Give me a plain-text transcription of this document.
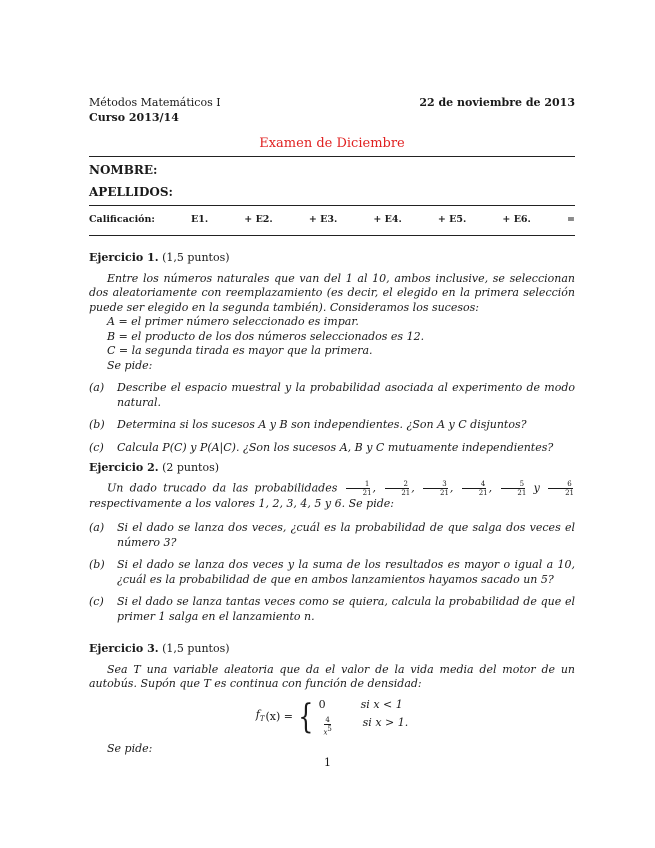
Métodos Matemáticos I	22 de noviembre de 2013
Curso 2013/14
Examen de Diciembre
NOMBRE:
APELLIDOS:
Calificación:	E1.	+ E2.	+ E3.	+ E4.	+ E5.	+ E6.	=
Ejercicio 1. (1,5 puntos)
Entre los números naturales que van del 1 al 10, ambos inclusive, se seleccionan dos aleatoriamente con reemplazamiento (es decir, el elegido en la primera selección puede ser elegido en la segunda también). Consideramos los sucesos:
A = el primer número seleccionado es impar.
B = el producto de los dos números seleccionados es 12.
C = la segunda tirada es mayor que la primera.
Se pide:
(a)	Describe el espacio muestral y la probabilidad asociada al experimento de modo natural.
(b)	Determina si los sucesos A y B son independientes. ¿Son A y C disjuntos?
(c)	Calcula P(C) y P(A|C). ¿Son los sucesos A, B y C mutuamente independientes?
Ejercicio 2. (2 puntos)
Un dado trucado da las probabilidades $\frac{1}{21}$ , $\frac{2}{21}$ , $\frac{3}{21}$ , $\frac{4}{21}$ , $\frac{5}{21}$ y $\frac{6}{21}$
respectivamente a los valores 1, 2, 3, 4, 5 y 6. Se pide:
(a)	Si el dado se lanza dos veces, ¿cuál es la probabilidad de que salga dos veces el número 3?
(b)	Si el dado se lanza dos veces y la suma de los resultados es mayor o igual a 10, ¿cuál es la probabilidad de que en ambos lanzamientos hayamos sacado un 5?
(c)	Si el dado se lanza tantas veces como se quiera, calcula la probabilidad de que el primer 1 salga en el lanzamiento n.
Ejercicio 3. (1,5 puntos)
Sea T una variable aleatoria que da el valor de la vida media del motor de un autobús. Supón que T es continua con función de densidad:
$f_T$ (x) = { 0	si x < 1
$\frac{4}{x^5}$ si x > 1.
Se pide:
1
